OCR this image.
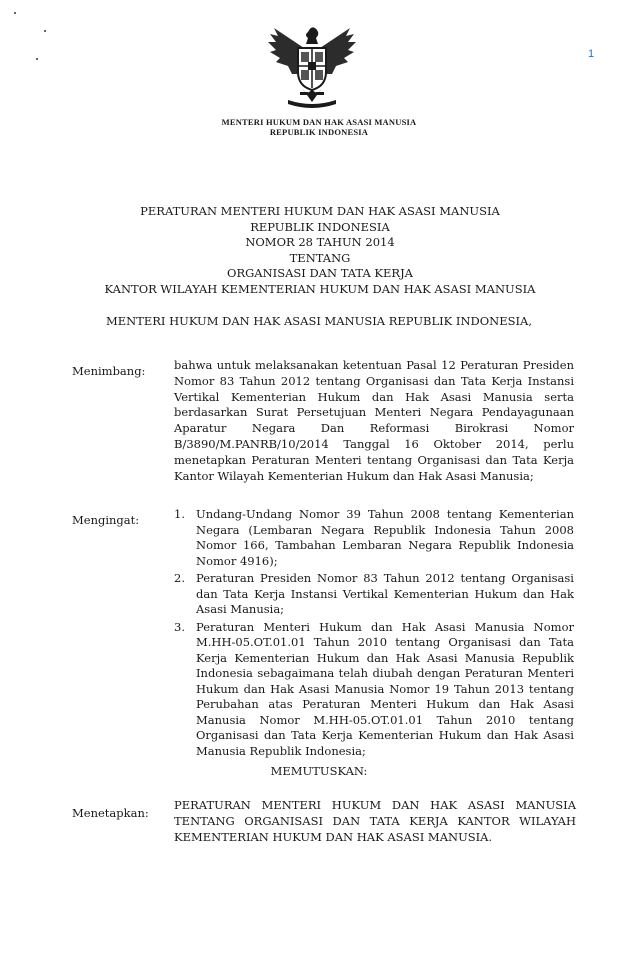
1
MENTERI HUKUM DAN HAK ASASI MANUSIA
REPUBLIK INDONESIA
PERATURAN MENTERI HUKUM DAN HAK ASASI MANUSIA
REPUBLIK INDONESIA
NOMOR 28 TAHUN 2014
TENTANG
ORGANISASI DAN TATA KERJA
KANTOR WILAYAH KEMENTERIAN HUKUM DAN HAK ASASI MANUSIA
MENTERI HUKUM DAN HAK ASASI MANUSIA REPUBLIK INDONESIA,
Menimbang: bahwa untuk melaksanakan ketentuan Pasal 12 Peraturan Presiden Nomor 83 Tahun 2012 tentang Organisasi dan Tata Kerja Instansi Vertikal Kementerian Hukum dan Hak Asasi Manusia serta berdasarkan Surat Persetujuan Menteri Negara Pendayagunaan Aparatur Negara Dan Reformasi Birokrasi Nomor B/3890/M.PANRB/10/2014 Tanggal 16 Oktober 2014, perlu menetapkan Peraturan Menteri tentang Organisasi dan Tata Kerja Kantor Wilayah Kementerian Hukum dan Hak Asasi Manusia;
Mengingat:	1. Undang-Undang Nomor 39 Tahun 2008 tentang Kementerian Negara (Lembaran Negara Republik Indonesia Tahun 2008 Nomor 166, Tambahan Lembaran Negara Republik Indonesia Nomor 4916);
2. Peraturan Presiden Nomor 83 Tahun 2012 tentang Organisasi dan Tata Kerja Instansi Vertikal Kementerian Hukum dan Hak Asasi Manusia;
3. Peraturan Menteri Hukum dan Hak Asasi Manusia Nomor M.HH-05.OT.01.01 Tahun 2010 tentang Organisasi dan Tata Kerja Kementerian Hukum dan Hak Asasi Manusia Republik Indonesia sebagaimana telah diubah dengan Peraturan Menteri Hukum dan Hak Asasi Manusia Nomor 19 Tahun 2013 tentang Perubahan atas Peraturan Menteri Hukum dan Hak Asasi Manusia Nomor M.HH-05.OT.01.01 Tahun 2010 tentang Organisasi dan Tata Kerja Kementerian Hukum dan Hak Asasi Manusia Republik Indonesia;
MEMUTUSKAN:
Menetapkan:
PERATURAN MENTERI HUKUM DAN HAK ASASI MANUSIA TENTANG ORGANISASI DAN TATA KERJA KANTOR WILAYAH KEMENTERIAN HUKUM DAN HAK ASASI MANUSIA.
